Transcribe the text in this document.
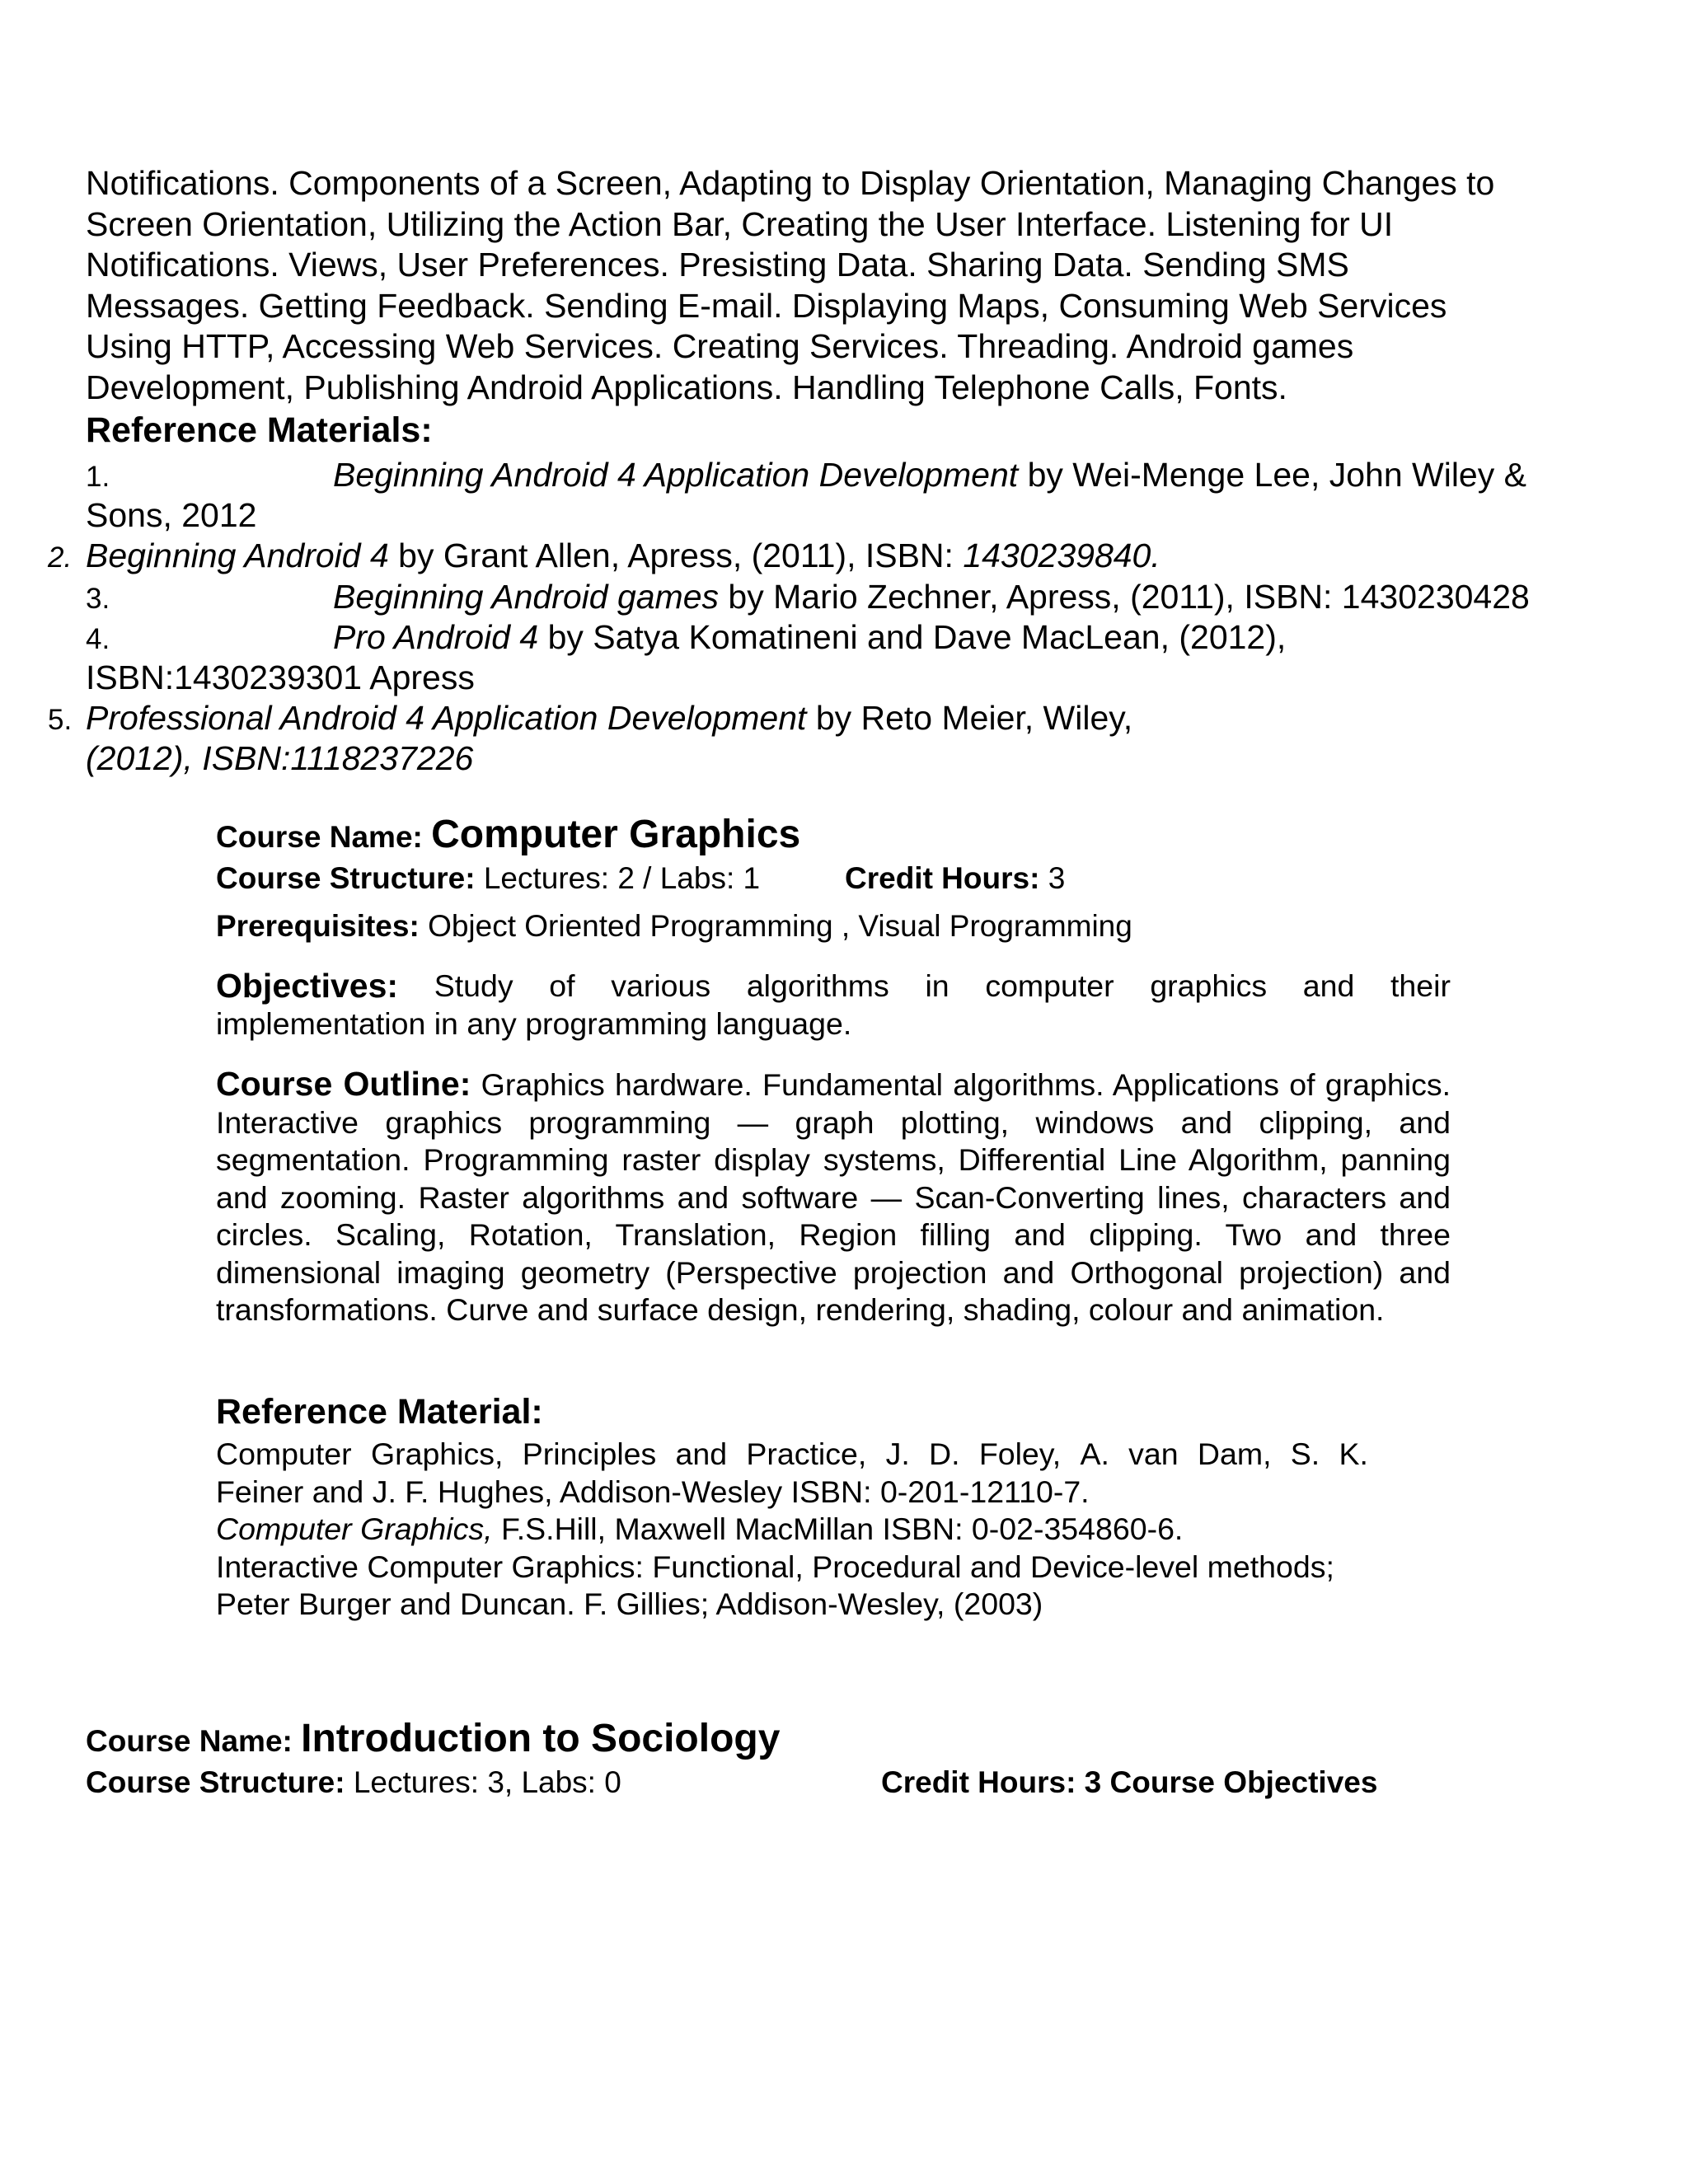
Notifications. Components of a Screen, Adapting to Display Orientation, Managing Changes to

Screen Orientation, Utilizing the Action Bar, Creating the User Interface. Listening for UI

Notifications. Views, User Preferences. Presisting Data. Sharing Data. Sending SMS

Messages. Getting Feedback. Sending E-mail. Displaying Maps, Consuming Web Services

Using HTTP, Accessing Web Services. Creating Services. Threading. Android games

Development, Publishing Android Applications. Handling Telephone Calls, Fonts.

Reference Materials:
1.	Beginning Android 4 Application Development by Wei-Menge Lee, John Wiley &
Sons, 2012
2. Beginning Android 4 by Grant Allen, Apress, (2011), ISBN: 1430239840.
3.	Beginning Android games by Mario Zechner, Apress, (2011), ISBN: 1430230428
4.	Pro Android 4 by Satya Komatineni and Dave MacLean, (2012),
ISBN:1430239301 Apress
5. Professional Android 4 Application Development by Reto Meier, Wiley,
(2012), ISBN:1118237226
Course Name: Computer Graphics
Course Structure: Lectures: 2 / Labs: 1	Credit Hours: 3
Prerequisites: Object Oriented Programming , Visual Programming
Objectives: Study of various algorithms in computer graphics and their
implementation in any programming language.
Course Outline: Graphics hardware. Fundamental algorithms. Applications of graphics. Interactive graphics programming — graph plotting, windows and clipping, and segmentation. Programming raster display systems, Differential Line Algorithm, panning and zooming. Raster algorithms and software — Scan-Converting lines, characters and circles. Scaling, Rotation, Translation, Region filling and clipping. Two and three dimensional imaging geometry (Perspective projection and Orthogonal projection) and transformations. Curve and surface design, rendering, shading, colour and animation.
Reference Material:
Computer Graphics, Principles and Practice, J. D. Foley, A. van Dam, S. K.
Feiner and J. F. Hughes, Addison-Wesley ISBN: 0-201-12110-7.
Computer Graphics, F.S.Hill, Maxwell MacMillan ISBN: 0-02-354860-6.
Interactive Computer Graphics: Functional, Procedural and Device-level methods;
Peter Burger and Duncan. F. Gillies; Addison-Wesley, (2003)
Course Name: Introduction to Sociology
Course Structure: Lectures: 3, Labs: 0	Credit Hours: 3 Course Objectives
